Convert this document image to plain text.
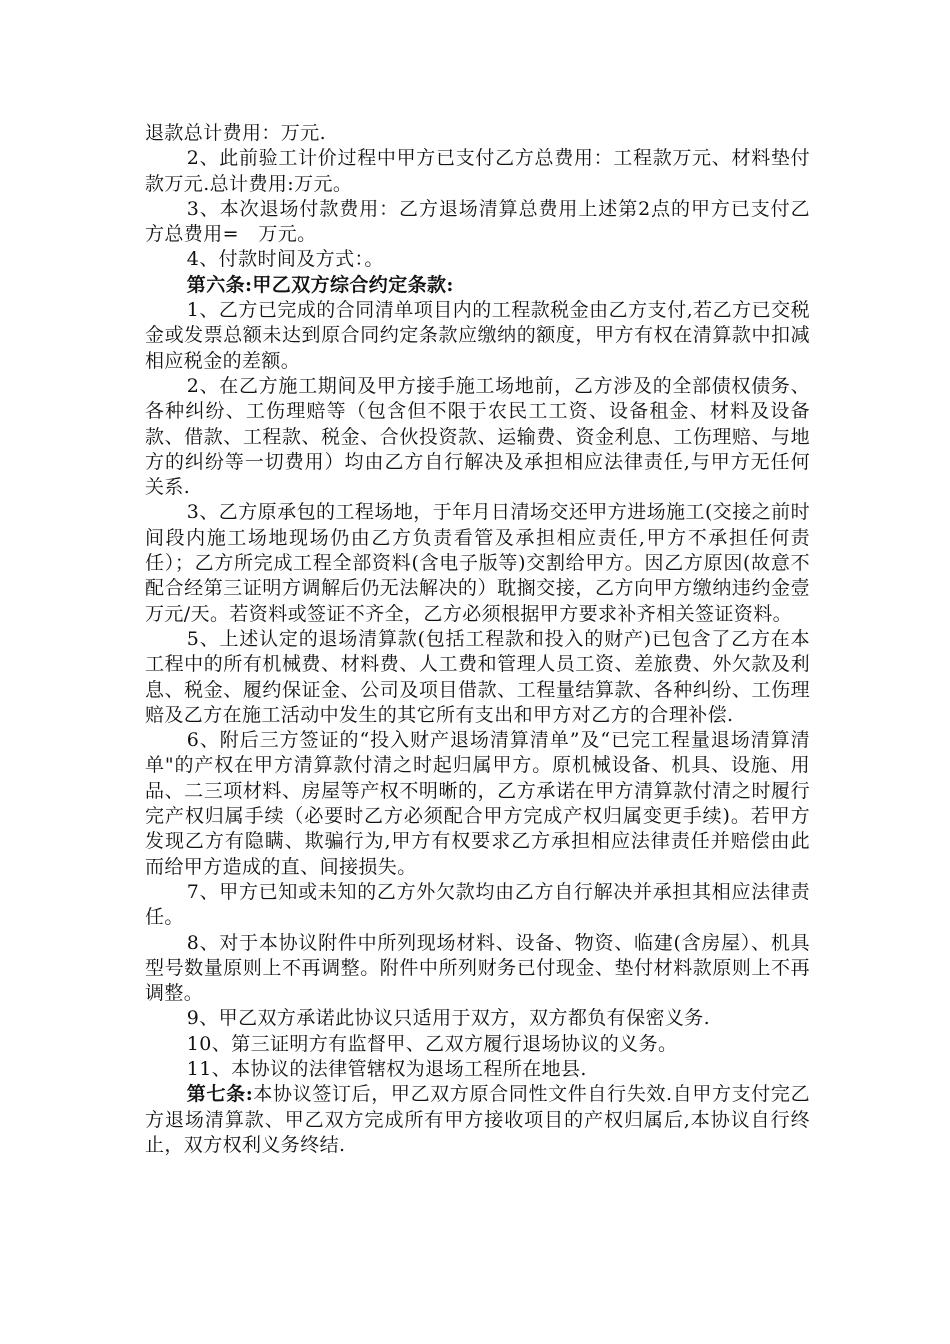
退款总计费用：万元.

2、此前验工计价过程中甲方已支付乙方总费用：工程款万元、材料垫付款万元.总计费用:万元。

3、本次退场付款费用：乙方退场清算总费用上述第2点的甲方已支付乙方总费用=　万元。

4、付款时间及方式：。

第六条:甲乙双方综合约定条款:

1、乙方已完成的合同清单项目内的工程款税金由乙方支付,若乙方已交税金或发票总额未达到原合同约定条款应缴纳的额度，甲方有权在清算款中扣减相应税金的差额。

2、在乙方施工期间及甲方接手施工场地前，乙方涉及的全部债权债务、各种纠纷、工伤理赔等（包含但不限于农民工工资、设备租金、材料及设备款、借款、工程款、税金、合伙投资款、运输费、资金利息、工伤理赔、与地方的纠纷等一切费用）均由乙方自行解决及承担相应法律责任,与甲方无任何关系.

3、乙方原承包的工程场地，于年月日清场交还甲方进场施工(交接之前时间段内施工场地现场仍由乙方负责看管及承担相应责任,甲方不承担任何责任）；乙方所完成工程全部资料(含电子版等)交割给甲方。因乙方原因(故意不配合经第三证明方调解后仍无法解决的）耽搁交接，乙方向甲方缴纳违约金壹万元/天。若资料或签证不齐全，乙方必须根据甲方要求补齐相关签证资料。

5、上述认定的退场清算款(包括工程款和投入的财产)已包含了乙方在本工程中的所有机械费、材料费、人工费和管理人员工资、差旅费、外欠款及利息、税金、履约保证金、公司及项目借款、工程量结算款、各种纠纷、工伤理赔及乙方在施工活动中发生的其它所有支出和甲方对乙方的合理补偿.

6、附后三方签证的“投入财产退场清算清单”及“已完工程量退场清算清单"的产权在甲方清算款付清之时起归属甲方。原机械设备、机具、设施、用品、二三项材料、房屋等产权不明晰的，乙方承诺在甲方清算款付清之时履行完产权归属手续（必要时乙方必须配合甲方完成产权归属变更手续)。若甲方发现乙方有隐瞒、欺骗行为,甲方有权要求乙方承担相应法律责任并赔偿由此而给甲方造成的直、间接损失。

7、甲方已知或未知的乙方外欠款均由乙方自行解决并承担其相应法律责任。

8、对于本协议附件中所列现场材料、设备、物资、临建(含房屋）、机具型号数量原则上不再调整。附件中所列财务已付现金、垫付材料款原则上不再调整。

9、甲乙双方承诺此协议只适用于双方，双方都负有保密义务.

10、第三证明方有监督甲、乙双方履行退场协议的义务。

11、本协议的法律管辖权为退场工程所在地县.

第七条:本协议签订后，甲乙双方原合同性文件自行失效.自甲方支付完乙方退场清算款、甲乙双方完成所有甲方接收项目的产权归属后,本协议自行终止，双方权利义务终结.
